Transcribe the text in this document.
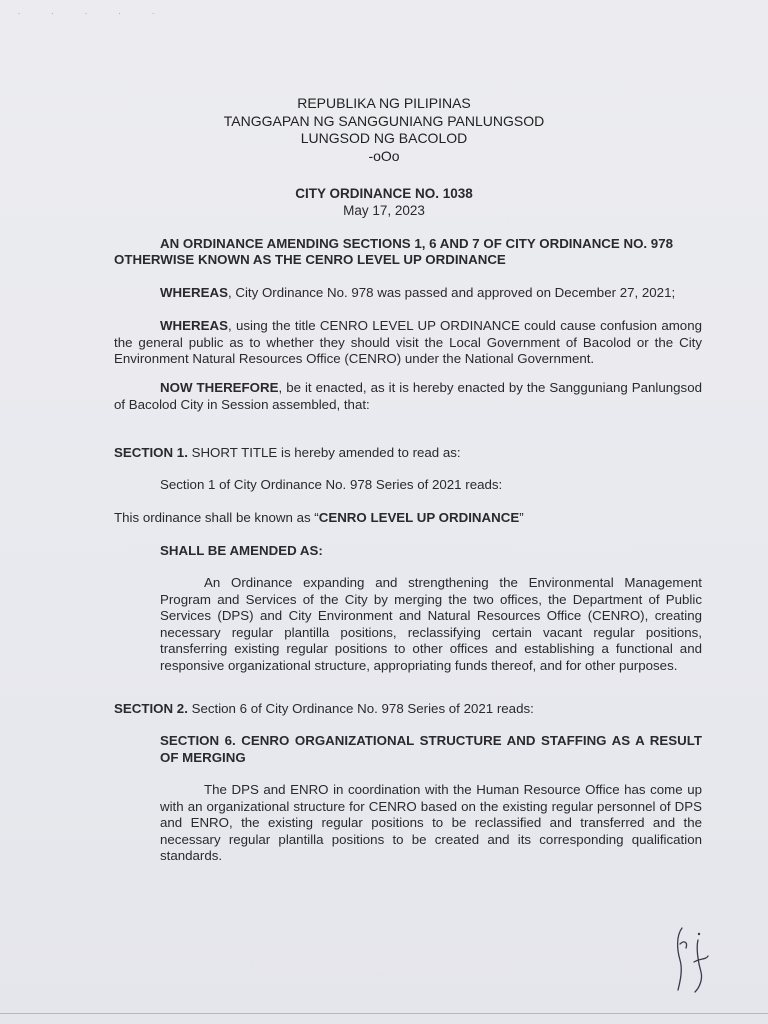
˙ ˙ ˙ ˙ ˙
REPUBLIKA NG PILIPINAS
TANGGAPAN NG SANGGUNIANG PANLUNGSOD
LUNGSOD NG BACOLOD
-oOo
CITY ORDINANCE NO. 1038
May 17, 2023
AN ORDINANCE AMENDING SECTIONS 1, 6 AND 7 OF CITY ORDINANCE NO. 978
OTHERWISE KNOWN AS THE CENRO LEVEL UP ORDINANCE

WHEREAS, City Ordinance No. 978 was passed and approved on December 27, 2021;

WHEREAS, using the title CENRO LEVEL UP ORDINANCE could cause confusion among the general public as to whether they should visit the Local Government of Bacolod or the City Environment Natural Resources Office (CENRO) under the National Government.

NOW THEREFORE, be it enacted, as it is hereby enacted by the Sangguniang Panlungsod of Bacolod City in Session assembled, that:

SECTION 1. SHORT TITLE is hereby amended to read as:

Section 1 of City Ordinance No. 978 Series of 2021 reads:

This ordinance shall be known as “CENRO LEVEL UP ORDINANCE”

SHALL BE AMENDED AS:

An Ordinance expanding and strengthening the Environmental Management Program and Services of the City by merging the two offices, the Department of Public Services (DPS) and City Environment and Natural Resources Office (CENRO), creating necessary regular plantilla positions, reclassifying certain vacant regular positions, transferring existing regular positions to other offices and establishing a functional and responsive organizational structure, appropriating funds thereof, and for other purposes.

SECTION 2. Section 6 of City Ordinance No. 978 Series of 2021 reads:

SECTION 6. CENRO ORGANIZATIONAL STRUCTURE AND STAFFING AS A RESULT OF MERGING

The DPS and ENRO in coordination with the Human Resource Office has come up with an organizational structure for CENRO based on the existing regular personnel of DPS and ENRO, the existing regular positions to be reclassified and transferred and the necessary regular plantilla positions to be created and its corresponding qualification standards.
